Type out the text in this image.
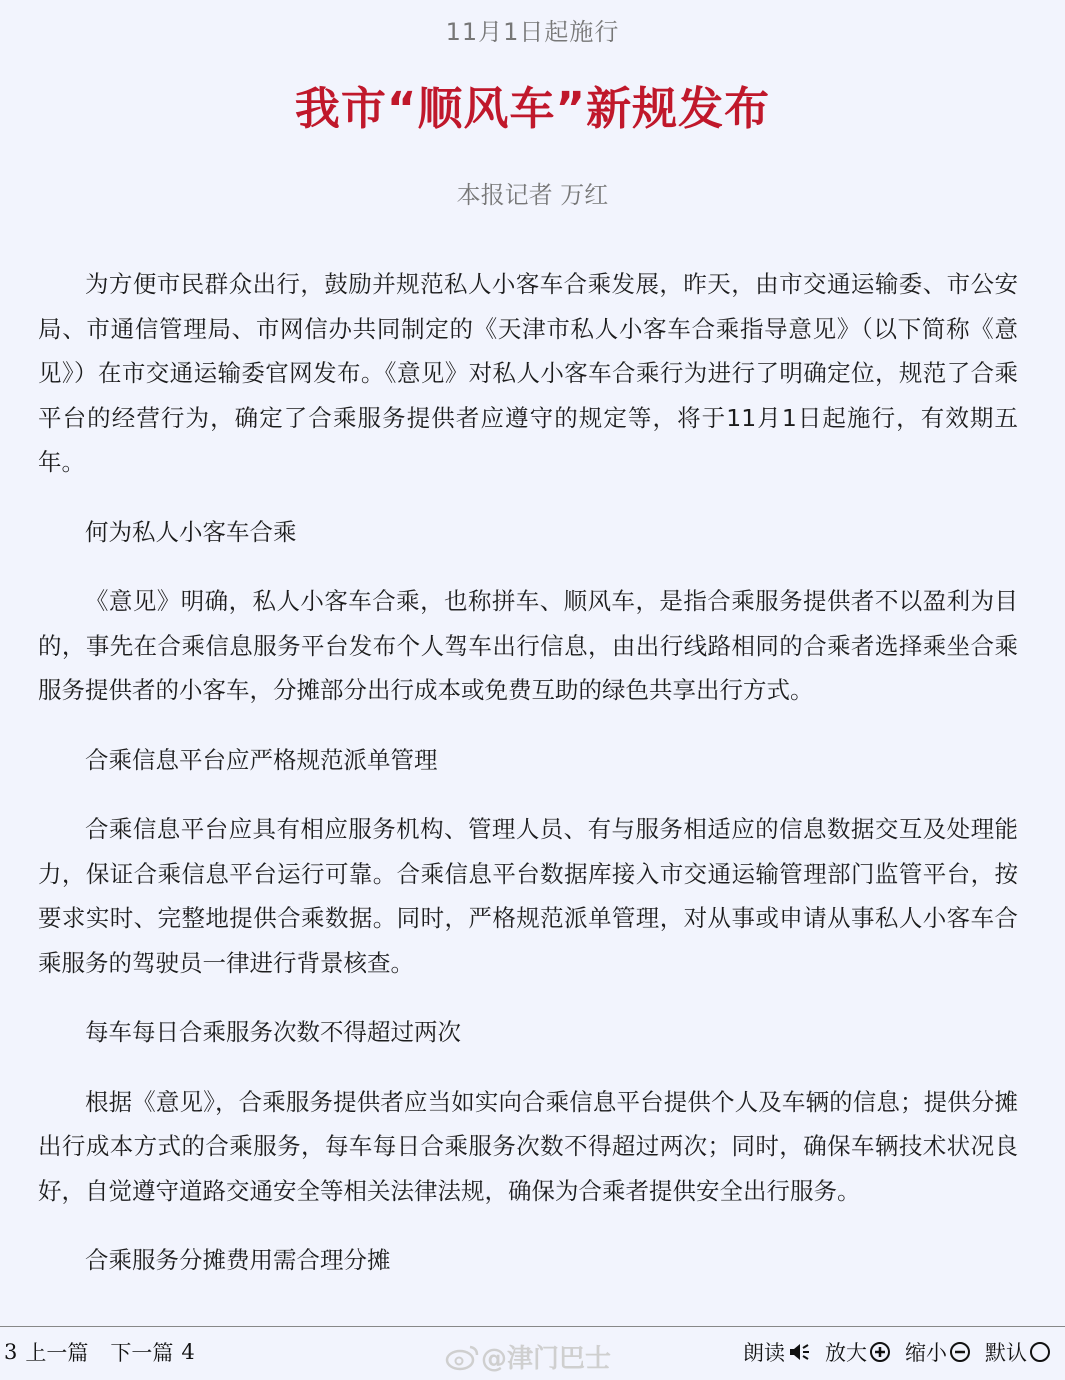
11月1日起施行
我市“顺风车”新规发布
本报记者 万红

为方便市民群众出行，鼓励并规范私人小客车合乘发展，昨天，由市交通运输委、市公安局、市通信管理局、市网信办共同制定的《天津市私人小客车合乘指导意见》（以下简称《意见》）在市交通运输委官网发布。《意见》对私人小客车合乘行为进行了明确定位，规范了合乘平台的经营行为，确定了合乘服务提供者应遵守的规定等，将于11月1日起施行，有效期五年。

何为私人小客车合乘

《意见》明确，私人小客车合乘，也称拼车、顺风车，是指合乘服务提供者不以盈利为目的，事先在合乘信息服务平台发布个人驾车出行信息，由出行线路相同的合乘者选择乘坐合乘服务提供者的小客车，分摊部分出行成本或免费互助的绿色共享出行方式。

合乘信息平台应严格规范派单管理

合乘信息平台应具有相应服务机构、管理人员、有与服务相适应的信息数据交互及处理能力，保证合乘信息平台运行可靠。合乘信息平台数据库接入市交通运输管理部门监管平台，按要求实时、完整地提供合乘数据。同时，严格规范派单管理，对从事或申请从事私人小客车合乘服务的驾驶员一律进行背景核查。

每车每日合乘服务次数不得超过两次

根据《意见》，合乘服务提供者应当如实向合乘信息平台提供个人及车辆的信息；提供分摊出行成本方式的合乘服务，每车每日合乘服务次数不得超过两次；同时，确保车辆技术状况良好，自觉遵守道路交通安全等相关法律法规，确保为合乘者提供安全出行服务。

合乘服务分摊费用需合理分摊

3 上一篇 下一篇 4	朗读 放大 缩小 默认
@津门巴士
